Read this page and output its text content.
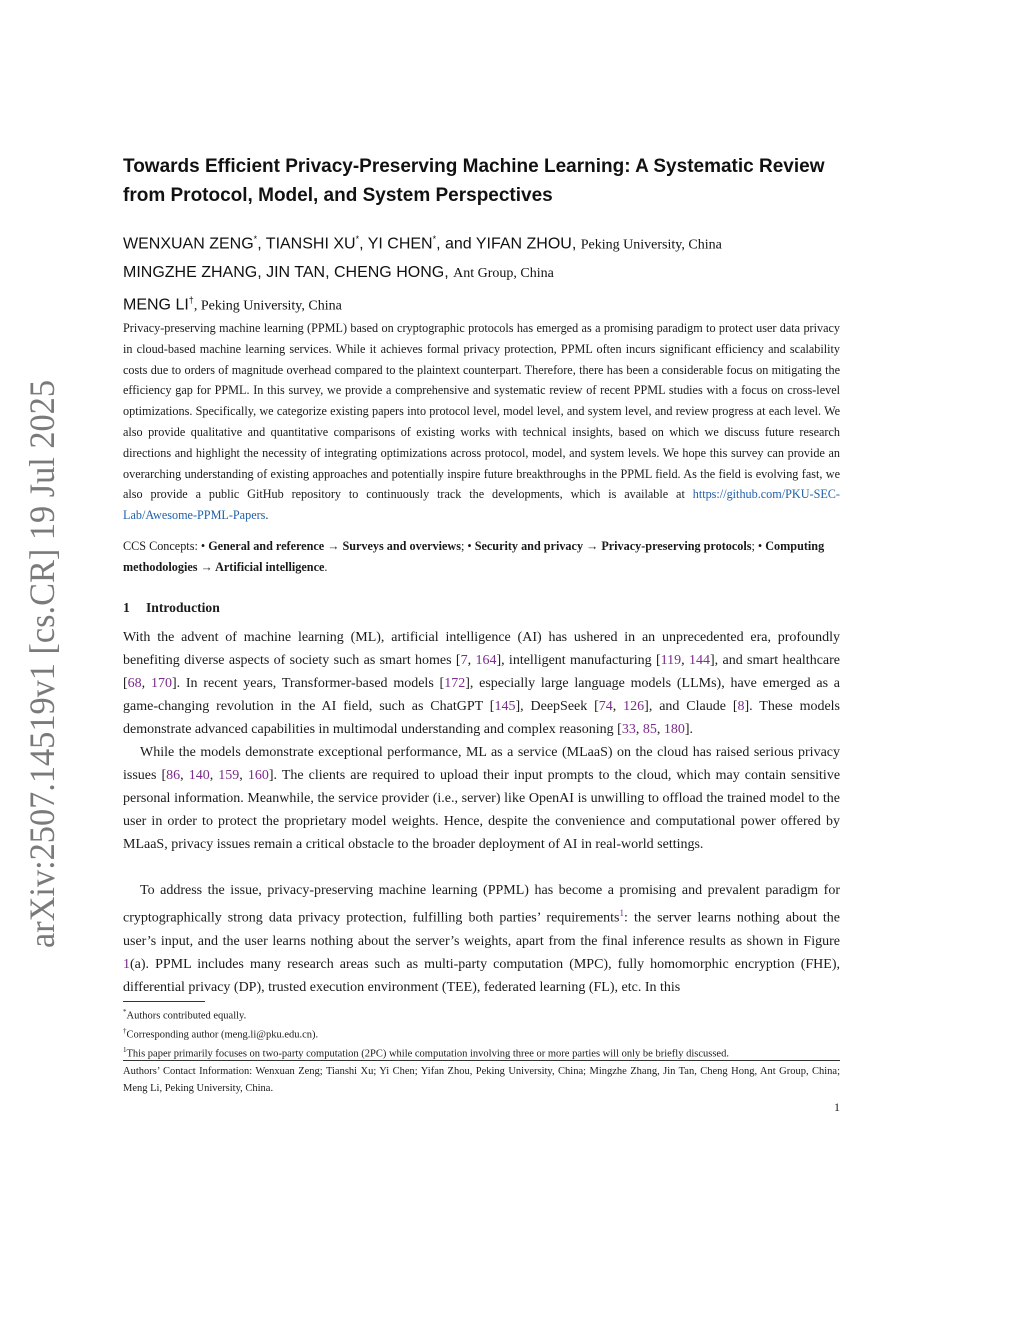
arXiv:2507.14519v1 [cs.CR] 19 Jul 2025
Towards Efficient Privacy-Preserving Machine Learning: A Systematic Review
from Protocol, Model, and System Perspectives
WENXUAN ZENG*, TIANSHI XU*, YI CHEN*, and YIFAN ZHOU, Peking University, China
MINGZHE ZHANG, JIN TAN, CHENG HONG, Ant Group, China
MENG LI†, Peking University, China
Privacy-preserving machine learning (PPML) based on cryptographic protocols has emerged as a promising paradigm to protect user data privacy in cloud-based machine learning services. While it achieves formal privacy protection, PPML often incurs significant efficiency and scalability costs due to orders of magnitude overhead compared to the plaintext counterpart. Therefore, there has been a considerable focus on mitigating the efficiency gap for PPML. In this survey, we provide a comprehensive and systematic review of recent PPML studies with a focus on cross-level optimizations. Specifically, we categorize existing papers into protocol level, model level, and system level, and review progress at each level. We also provide qualitative and quantitative comparisons of existing works with technical insights, based on which we discuss future research directions and highlight the necessity of integrating optimizations across protocol, model, and system levels. We hope this survey can provide an overarching understanding of existing approaches and potentially inspire future breakthroughs in the PPML field. As the field is evolving fast, we also provide a public GitHub repository to continuously track the developments, which is available at https://github.com/PKU-SEC-Lab/Awesome-PPML-Papers.
CCS Concepts: • General and reference → Surveys and overviews; • Security and privacy → Privacy-preserving protocols; • Computing methodologies → Artificial intelligence.
1 Introduction

With the advent of machine learning (ML), artificial intelligence (AI) has ushered in an unprecedented era, profoundly benefiting diverse aspects of society such as smart homes [7, 164], intelligent manufacturing [119, 144], and smart healthcare [68, 170]. In recent years, Transformer-based models [172], especially large language models (LLMs), have emerged as a game-changing revolution in the AI field, such as ChatGPT [145], DeepSeek [74, 126], and Claude [8]. These models demonstrate advanced capabilities in multimodal understanding and complex reasoning [33, 85, 180].

While the models demonstrate exceptional performance, ML as a service (MLaaS) on the cloud has raised serious privacy issues [86, 140, 159, 160]. The clients are required to upload their input prompts to the cloud, which may contain sensitive personal information. Meanwhile, the service provider (i.e., server) like OpenAI is unwilling to offload the trained model to the user in order to protect the proprietary model weights. Hence, despite the convenience and computational power offered by MLaaS, privacy issues remain a critical obstacle to the broader deployment of AI in real-world settings.

To address the issue, privacy-preserving machine learning (PPML) has become a promising and prevalent paradigm for cryptographically strong data privacy protection, fulfilling both parties’ requirements$^1$: the server learns nothing about the user’s input, and the user learns nothing about the server’s weights, apart from the final inference results as shown in Figure 1(a). PPML includes many research areas such as multi-party computation (MPC), fully homomorphic encryption (FHE), differential privacy (DP), trusted execution environment (TEE), federated learning (FL), etc. In this

*Authors contributed equally.
†Corresponding author (meng.li@pku.edu.cn).
$^1$This paper primarily focuses on two-party computation (2PC) while computation involving three or more parties will only be briefly discussed.
Authors’ Contact Information: Wenxuan Zeng; Tianshi Xu; Yi Chen; Yifan Zhou, Peking University, China; Mingzhe Zhang, Jin Tan, Cheng Hong, Ant Group, China; Meng Li, Peking University, China.
1
